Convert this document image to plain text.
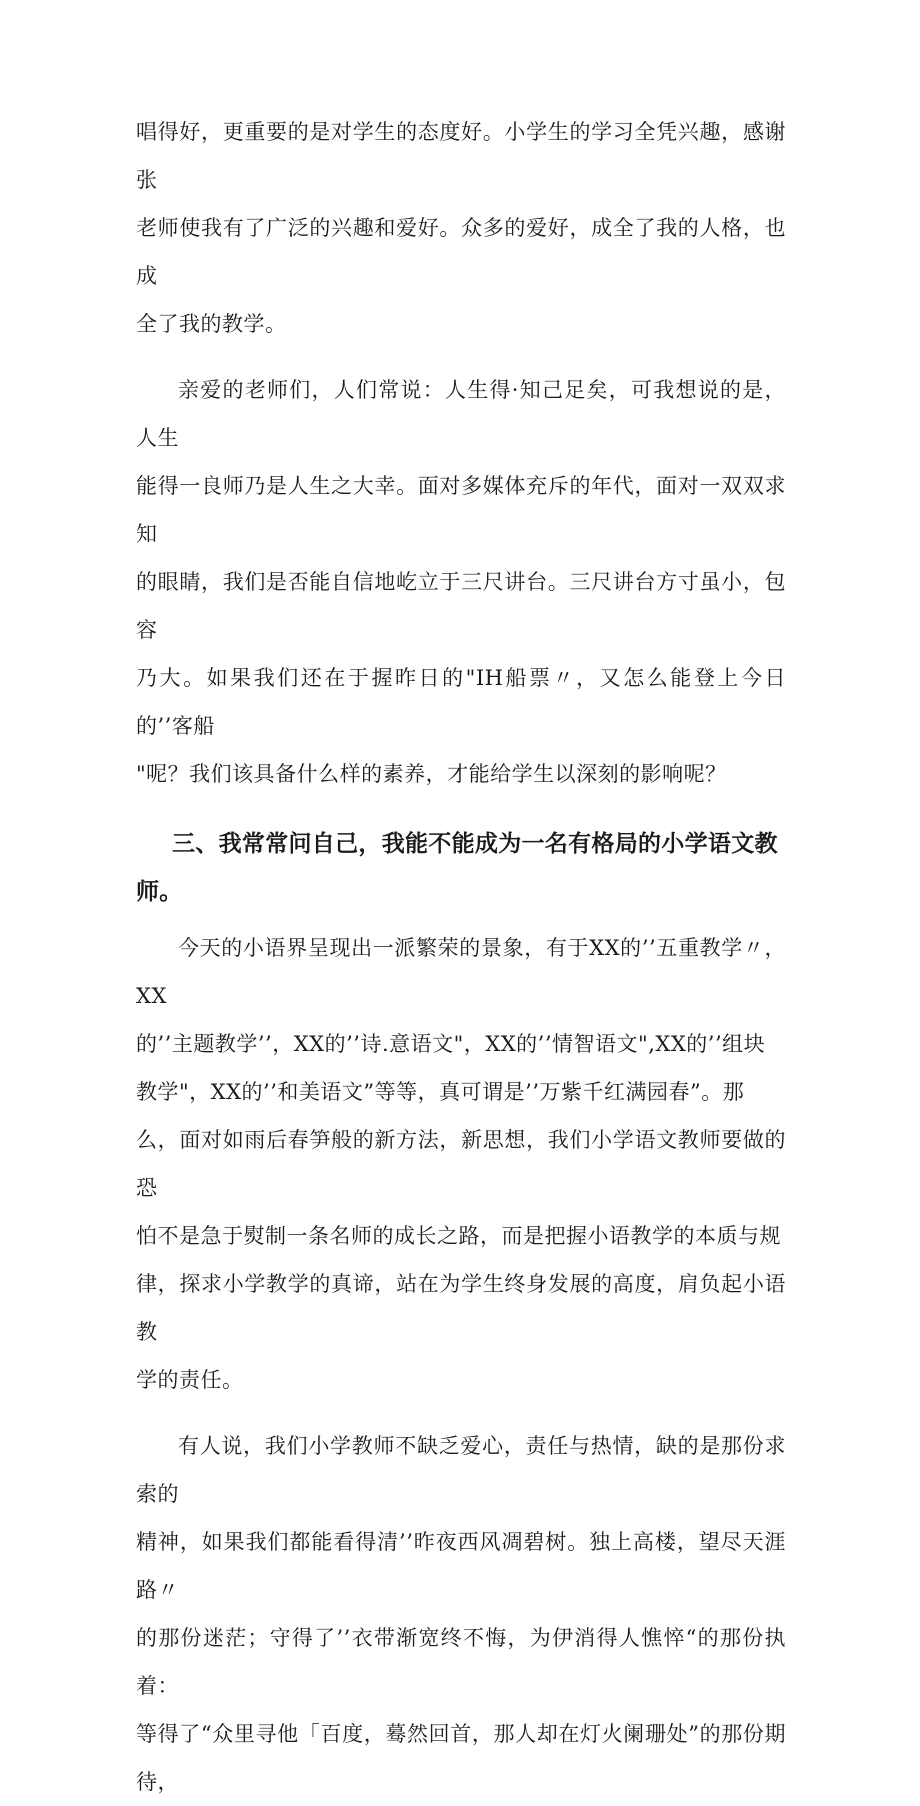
唱得好，更重要的是对学生的态度好。小学生的学习全凭兴趣，感谢张
老师使我有了广泛的兴趣和爱好。众多的爱好，成全了我的人格，也成
全了我的教学。

亲爱的老师们，人们常说：人生得·知己足矣，可我想说的是，人生
能得一良师乃是人生之大幸。面对多媒体充斥的年代，面对一双双求知
的眼睛，我们是否能自信地屹立于三尺讲台。三尺讲台方寸虽小，包容
乃大。如果我们还在于握昨日的"IH船票〃，又怎么能登上今日的’’客船
"呢？我们该具备什么样的素养，才能给学生以深刻的影响呢？

三、我常常问自己，我能不能成为一名有格局的小学语文教
师。

今天的小语界呈现出一派繁荣的景象，有于XX的’’五重教学〃，XX
的’’主题教学’’，XX的’’诗.意语文"，XX的’’情智语文",XX的’’组块
教学"，XX的’’和美语文”等等，真可谓是’’万紫千红满园春”。那
么，面对如雨后春笋般的新方法，新思想，我们小学语文教师要做的恐
怕不是急于熨制一条名师的成长之路，而是把握小语教学的本质与规
律，探求小学教学的真谛，站在为学生终身发展的高度，肩负起小语教
学的责任。

有人说，我们小学教师不缺乏爱心，责任与热情，缺的是那份求索的
精神，如果我们都能看得清’’昨夜西风凋碧树。独上高楼，望尽天涯路〃
的那份迷茫；守得了’’衣带渐宽终不悔，为伊消得人憔悴“的那份执着：
等得了“众里寻他「百度，蓦然回首，那人却在灯火阑珊处”的那份期待，
